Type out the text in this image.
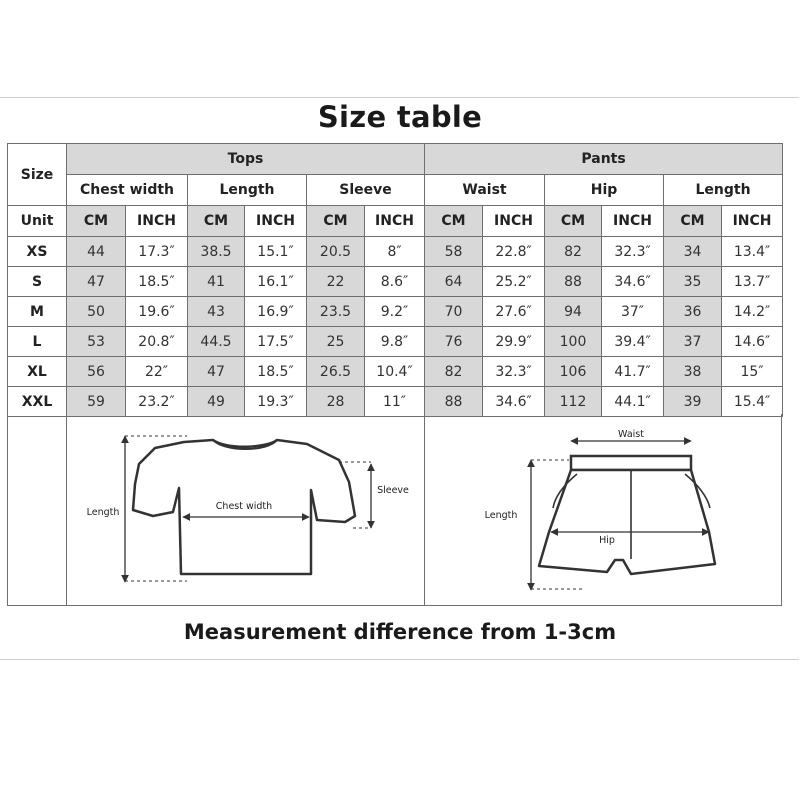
Size table
Size	Tops						Pants					
	Chest width		Length		Sleeve		Waist		Hip		Length	
Unit	CM	INCH	CM	INCH	CM	INCH	CM	INCH	CM	INCH	CM	INCH
XS	44	17.3″	38.5	15.1″	20.5	8″	58	22.8″	82	32.3″	34	13.4″
S	47	18.5″	41	16.1″	22	8.6″	64	25.2″	88	34.6″	35	13.7″
M	50	19.6″	43	16.9″	23.5	9.2″	70	27.6″	94	37″	36	14.2″
L	53	20.8″	44.5	17.5″	25	9.8″	76	29.9″	100	39.4″	37	14.6″
XL	56	22″	47	18.5″	26.5	10.4″	82	32.3″	106	41.7″	38	15″
XXL	59	23.2″	49	19.3″	28	11″	88	34.6″	112	44.1″	39	15.4″
Length
Chest width
Sleeve
Waist
Length
Hip
Measurement difference from 1-3cm
